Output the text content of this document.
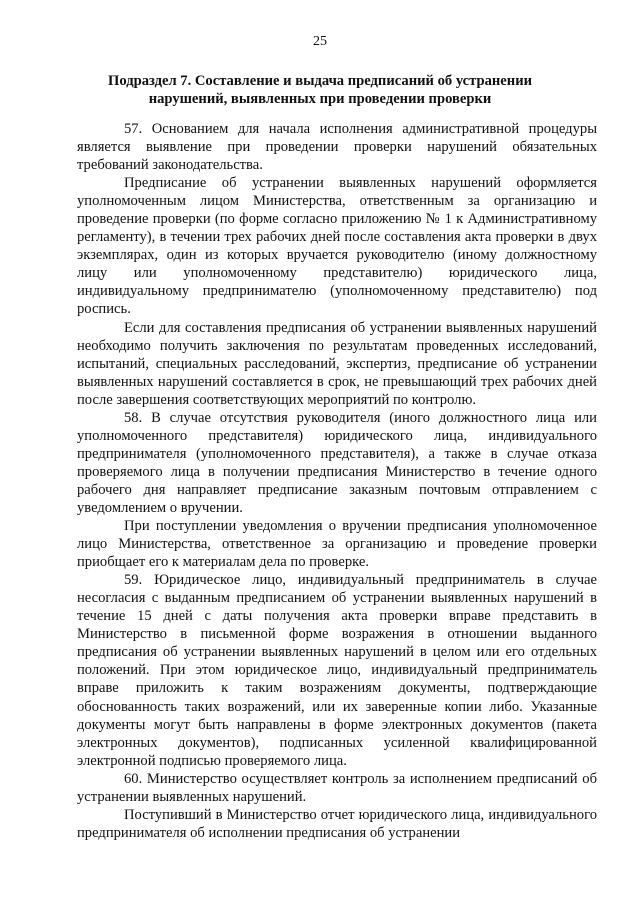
25
Подраздел 7. Составление и выдача предписаний об устранении
нарушений, выявленных при проведении проверки

57. Основанием для начала исполнения административной процедуры является выявление при проведении проверки нарушений обязательных требований законодательства.

Предписание об устранении выявленных нарушений оформляется уполномоченным лицом Министерства, ответственным за организацию и проведение проверки (по форме согласно приложению № 1 к Административному регламенту), в течении трех рабочих дней после составления акта проверки в двух экземплярах, один из которых вручается руководителю (иному должностному лицу или уполномоченному представителю) юридического лица, индивидуальному предпринимателю (уполномоченному представителю) под роспись.

Если для составления предписания об устранении выявленных нарушений необходимо получить заключения по результатам проведенных исследований, испытаний, специальных расследований, экспертиз, предписание об устранении выявленных нарушений составляется в срок, не превышающий трех рабочих дней после завершения соответствующих мероприятий по контролю.

58. В случае отсутствия руководителя (иного должностного лица или уполномоченного представителя) юридического лица, индивидуального предпринимателя (уполномоченного представителя), а также в случае отказа проверяемого лица в получении предписания Министерство в течение одного рабочего дня направляет предписание заказным почтовым отправлением с уведомлением о вручении.

При поступлении уведомления о вручении предписания уполномоченное лицо Министерства, ответственное за организацию и проведение проверки приобщает его к материалам дела по проверке.

59. Юридическое лицо, индивидуальный предприниматель в случае несогласия с выданным предписанием об устранении выявленных нарушений в течение 15 дней с даты получения акта проверки вправе представить в Министерство в письменной форме возражения в отношении выданного предписания об устранении выявленных нарушений в целом или его отдельных положений. При этом юридическое лицо, индивидуальный предприниматель вправе приложить к таким возражениям документы, подтверждающие обоснованность таких возражений, или их заверенные копии либо. Указанные документы могут быть направлены в форме электронных документов (пакета электронных документов), подписанных усиленной квалифицированной электронной подписью проверяемого лица.

60. Министерство осуществляет контроль за исполнением предписаний об устранении выявленных нарушений.

Поступивший в Министерство отчет юридического лица, индивидуального предпринимателя об исполнении предписания об устранении
